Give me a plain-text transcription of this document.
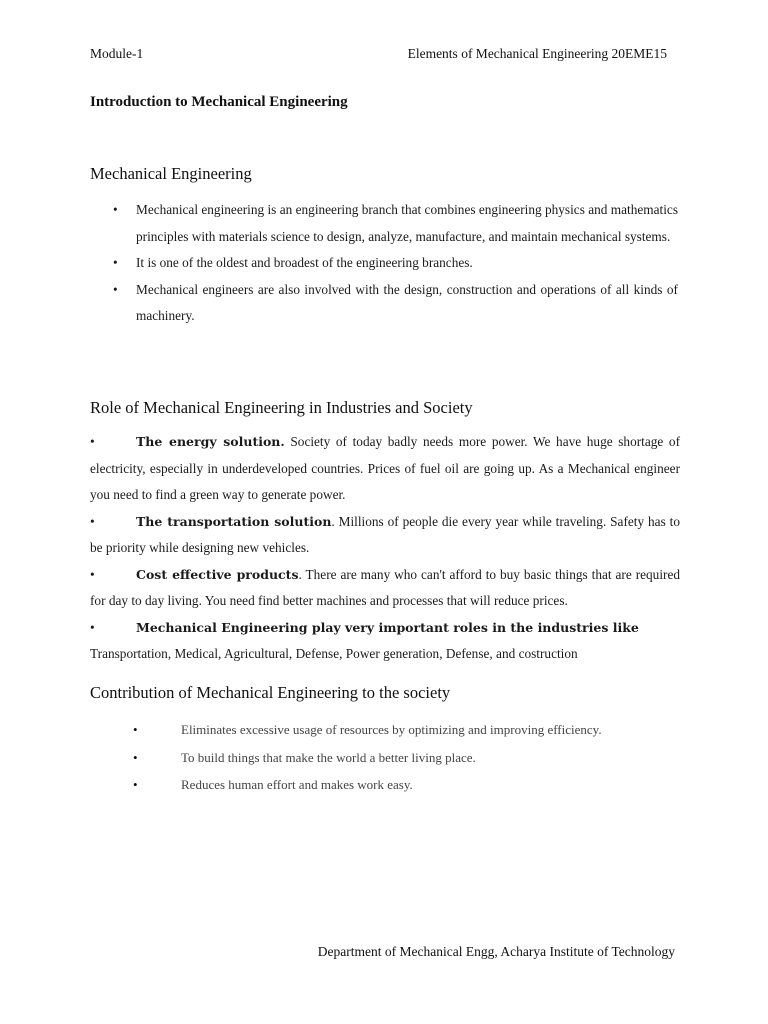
Module-1	Elements of Mechanical Engineering 20EME15
Introduction to Mechanical Engineering
Mechanical Engineering
• Mechanical engineering is an engineering branch that combines engineering physics and mathematics principles with materials science to design, analyze, manufacture, and maintain mechanical systems.
• It is one of the oldest and broadest of the engineering branches.
• Mechanical engineers are also involved with the design, construction and operations of all kinds of machinery.
Role of Mechanical Engineering in Industries and Society
•	The energy solution. Society of today badly needs more power. We have huge shortage of electricity, especially in underdeveloped countries. Prices of fuel oil are going up. As a Mechanical engineer you need to find a green way to generate power.
•	The transportation solution. Millions of people die every year while traveling. Safety has to be priority while designing new vehicles.
•	Cost effective products. There are many who can't afford to buy basic things that are required for day to day living. You need find better machines and processes that will reduce prices.
•	Mechanical Engineering play very important roles in the industries like
Transportation, Medical, Agricultural, Defense, Power generation, Defense, and costruction
Contribution of Mechanical Engineering to the society
•	Eliminates excessive usage of resources by optimizing and improving efficiency.
•	To build things that make the world a better living place.
•	Reduces human effort and makes work easy.
Department of Mechanical Engg, Acharya Institute of Technology
